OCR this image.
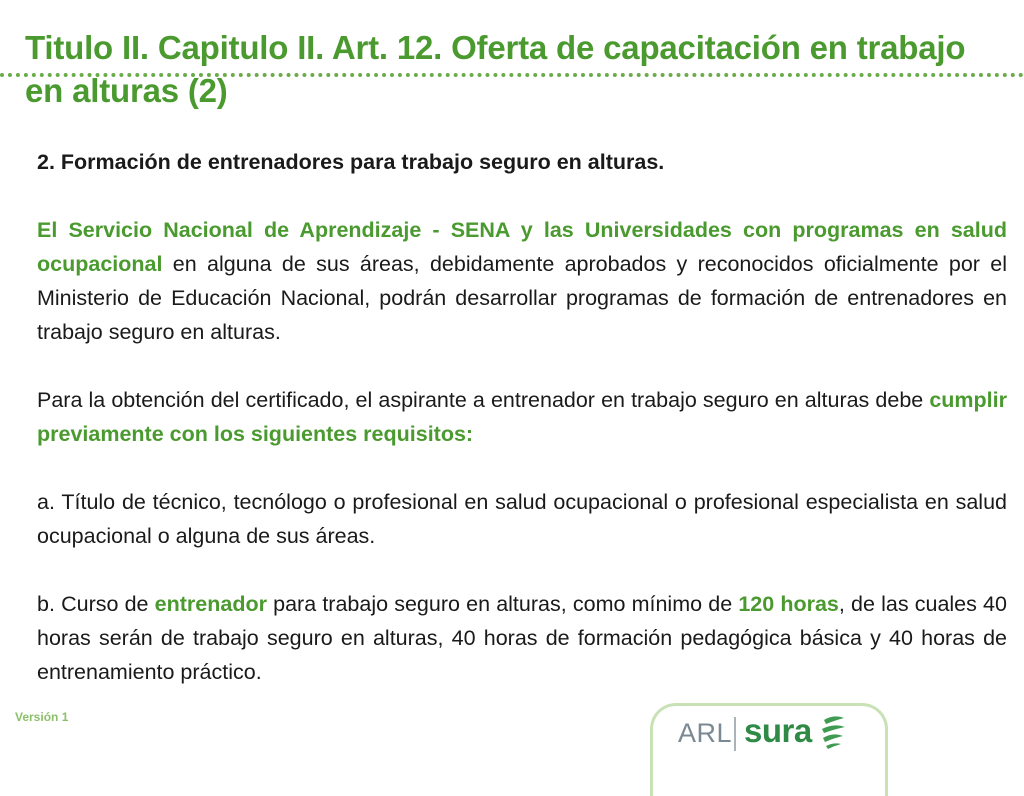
Titulo II. Capitulo II. Art. 12. Oferta de capacitación en trabajo en alturas (2)

2. Formación de entrenadores para trabajo seguro en alturas.

El Servicio Nacional de Aprendizaje - SENA y las Universidades con programas en salud ocupacional en alguna de sus áreas, debidamente aprobados y reconocidos oficialmente por el Ministerio de Educación Nacional, podrán desarrollar programas de formación de entrenadores en trabajo seguro en alturas.

Para la obtención del certificado, el aspirante a entrenador en trabajo seguro en alturas debe cumplir previamente con los siguientes requisitos:

a. Título de técnico, tecnólogo o profesional en salud ocupacional o profesional especialista en salud ocupacional o alguna de sus áreas.

b. Curso de entrenador para trabajo seguro en alturas, como mínimo de 120 horas, de las cuales 40 horas serán de trabajo seguro en alturas, 40 horas de formación pedagógica básica y 40 horas de entrenamiento práctico.

Versión 1
ARL sura
